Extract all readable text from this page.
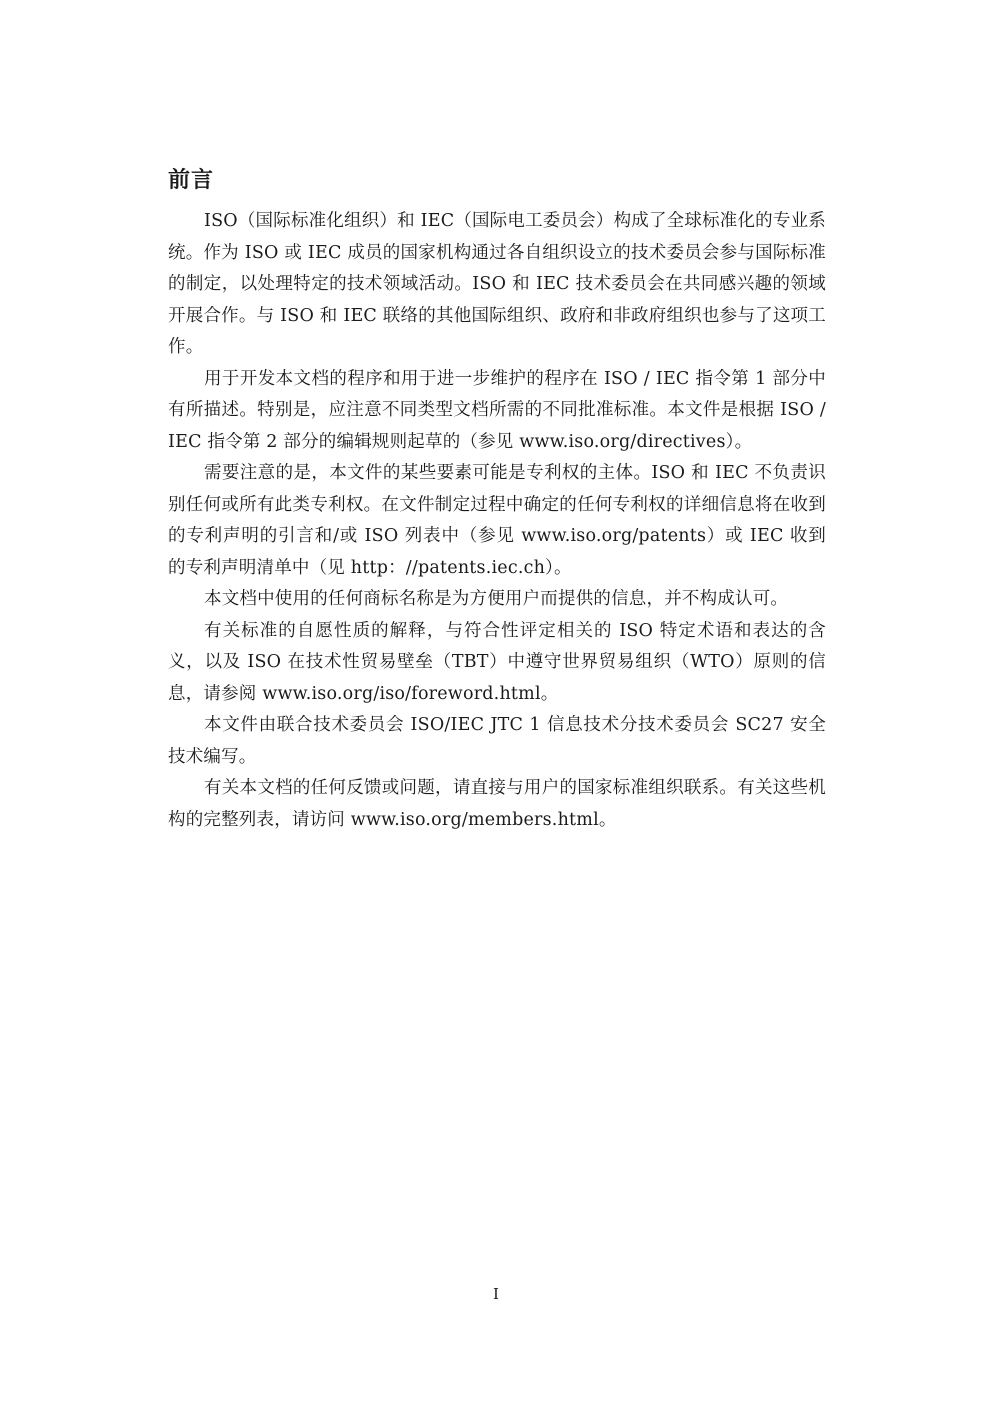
前言

ISO（国际标准化组织）和 IEC（国际电工委员会）构成了全球标准化的专业系统。作为 ISO 或 IEC 成员的国家机构通过各自组织设立的技术委员会参与国际标准的制定，以处理特定的技术领域活动。ISO 和 IEC 技术委员会在共同感兴趣的领域开展合作。与 ISO 和 IEC 联络的其他国际组织、政府和非政府组织也参与了这项工作。

用于开发本文档的程序和用于进一步维护的程序在 ISO / IEC 指令第 1 部分中有所描述。特别是，应注意不同类型文档所需的不同批准标准。本文件是根据 ISO / IEC 指令第 2 部分的编辑规则起草的（参见 www.iso.org/directives）。

需要注意的是，本文件的某些要素可能是专利权的主体。ISO 和 IEC 不负责识别任何或所有此类专利权。在文件制定过程中确定的任何专利权的详细信息将在收到的专利声明的引言和/或 ISO 列表中（参见 www.iso.org/patents）或 IEC 收到的专利声明清单中（见 http：//patents.iec.ch）。

本文档中使用的任何商标名称是为方便用户而提供的信息，并不构成认可。

有关标准的自愿性质的解释，与符合性评定相关的 ISO 特定术语和表达的含义，以及 ISO 在技术性贸易壁垒（TBT）中遵守世界贸易组织（WTO）原则的信息，请参阅 www.iso.org/iso/foreword.html。

本文件由联合技术委员会 ISO/IEC JTC 1 信息技术分技术委员会 SC27 安全技术编写。

有关本文档的任何反馈或问题，请直接与用户的国家标准组织联系。有关这些机构的完整列表，请访问 www.iso.org/members.html。

I
